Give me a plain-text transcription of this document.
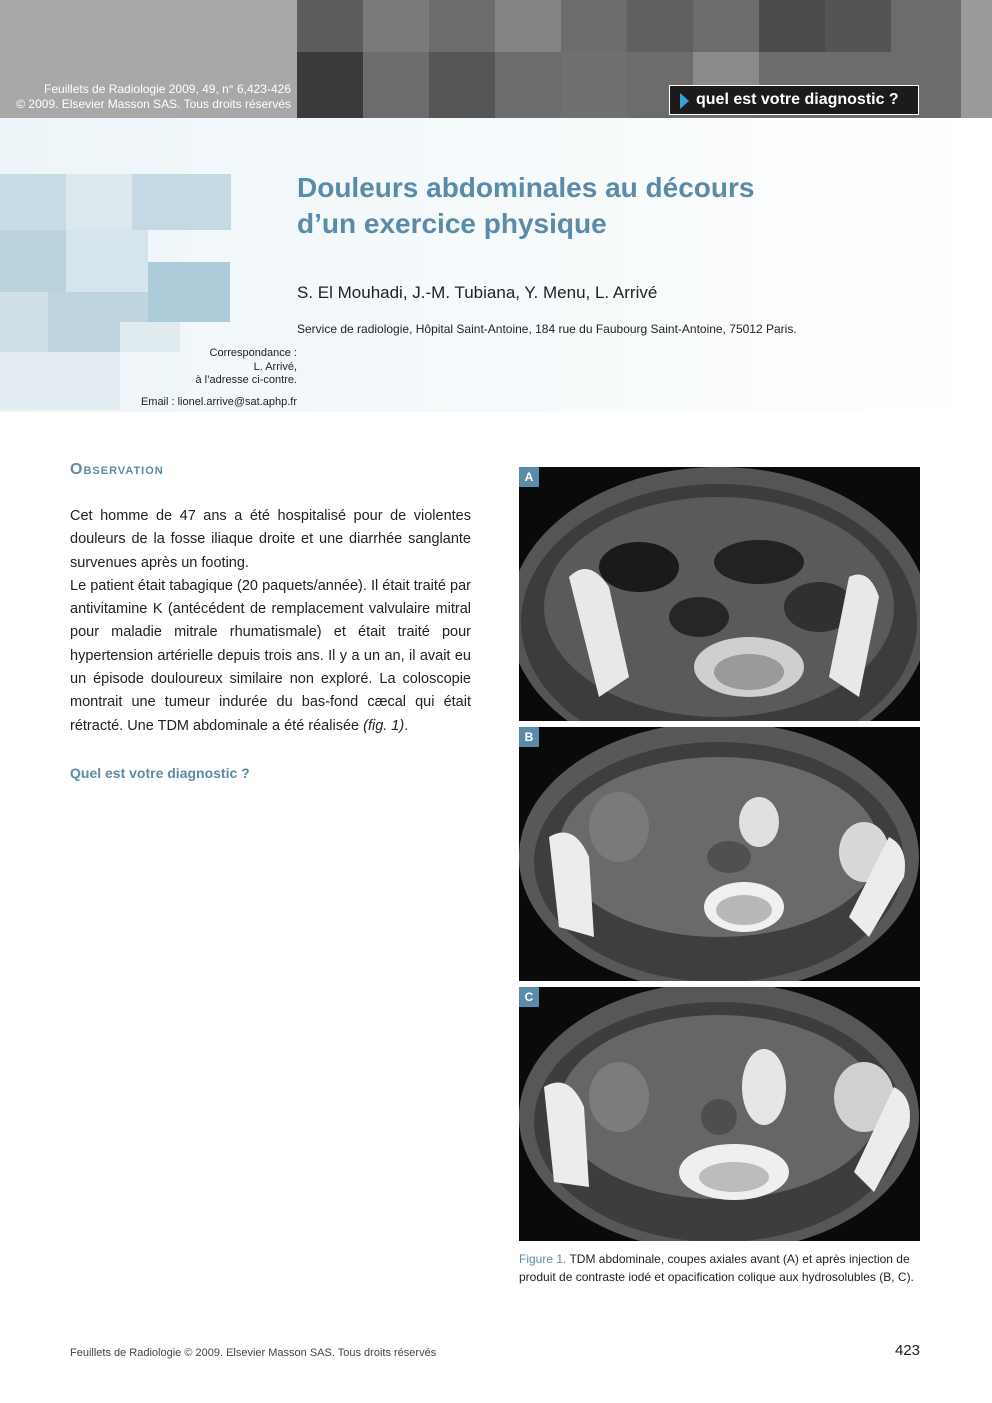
Feuillets de Radiologie 2009, 49, n° 6,423-426
© 2009. Elsevier Masson SAS. Tous droits réservés	quel est votre diagnostic ?
Douleurs abdominales au décours
d’un exercice physique
S. El Mouhadi, J.-M. Tubiana, Y. Menu, L. Arrivé
Service de radiologie, Hôpital Saint-Antoine, 184 rue du Faubourg Saint-Antoine, 75012 Paris.
Correspondance :
L. Arrivé,
à l’adresse ci-contre.
Email : lionel.arrive@sat.aphp.fr
Observation

Cet homme de 47 ans a été hospitalisé pour de violentes douleurs de la fosse iliaque droite et une diarrhée sanglante survenues après un footing.

Le patient était tabagique (20 paquets/année). Il était traité par antivitamine K (antécédent de remplacement valvulaire mitral pour maladie mitrale rhumatismale) et était traité pour hypertension artérielle depuis trois ans. Il y a un an, il avait eu un épisode douloureux similaire non exploré. La coloscopie montrait une tumeur indurée du bas-fond cæcal qui était rétracté. Une TDM abdominale a été réalisée (fig. 1).

Quel est votre diagnostic ?
A
B
C
Figure 1. TDM abdominale, coupes axiales avant (A) et après injection de produit de contraste iodé et opacification colique aux hydrosolubles (B, C).
Feuillets de Radiologie © 2009. Elsevier Masson SAS. Tous droits réservés	423
